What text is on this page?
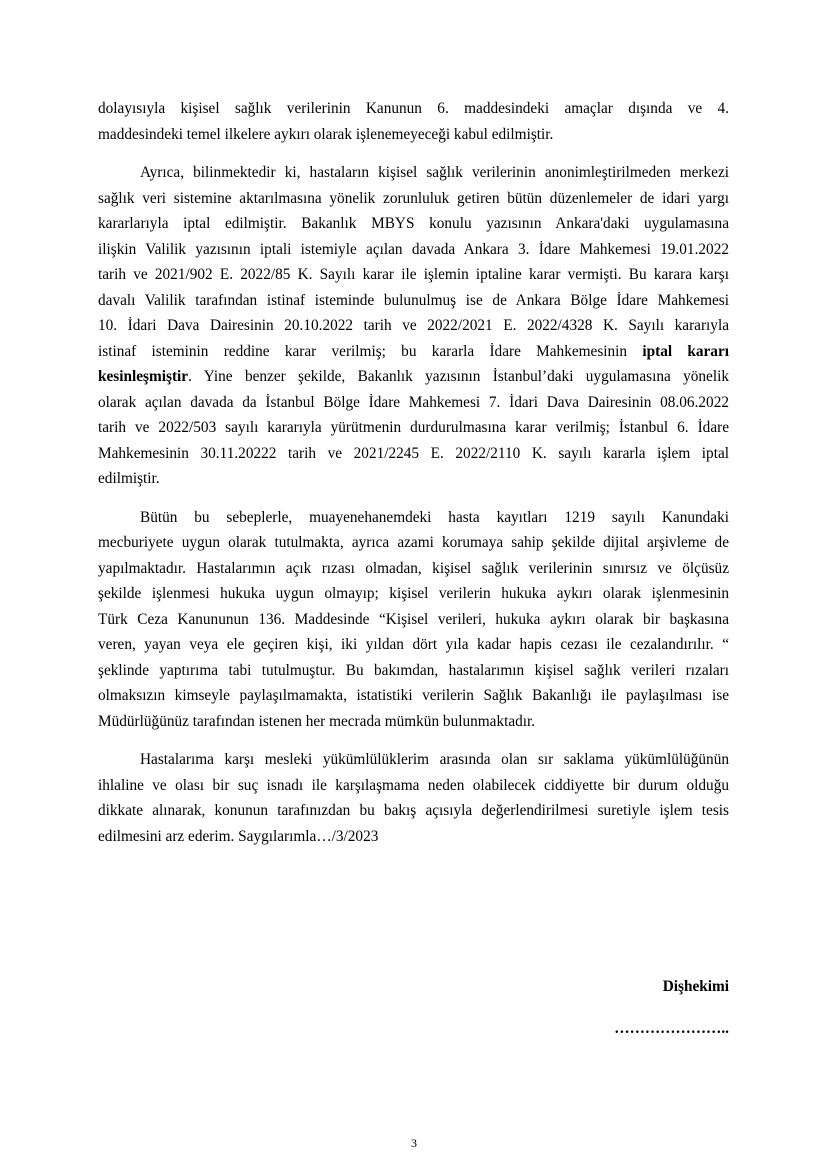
dolayısıyla kişisel sağlık verilerinin Kanunun 6. maddesindeki amaçlar dışında ve 4.
maddesindeki temel ilkelere aykırı olarak işlenemeyeceği kabul edilmiştir.
Ayrıca, bilinmektedir ki, hastaların kişisel sağlık verilerinin anonimleştirilmeden merkezi
sağlık veri sistemine aktarılmasına yönelik zorunluluk getiren bütün düzenlemeler de idari yargı
kararlarıyla iptal edilmiştir. Bakanlık MBYS konulu yazısının Ankara'daki uygulamasına
ilişkin Valilik yazısının iptali istemiyle açılan davada Ankara 3. İdare Mahkemesi 19.01.2022
tarih ve 2021/902 E. 2022/85 K. Sayılı karar ile işlemin iptaline karar vermişti. Bu karara karşı
davalı Valilik tarafından istinaf isteminde bulunulmuş ise de Ankara Bölge İdare Mahkemesi
10. İdari Dava Dairesinin 20.10.2022 tarih ve 2022/2021 E. 2022/4328 K. Sayılı kararıyla
istinaf isteminin reddine karar verilmiş; bu kararla İdare Mahkemesinin iptal kararı
kesinleşmiştir. Yine benzer şekilde, Bakanlık yazısının İstanbul’daki uygulamasına yönelik
olarak açılan davada da İstanbul Bölge İdare Mahkemesi 7. İdari Dava Dairesinin 08.06.2022
tarih ve 2022/503 sayılı kararıyla yürütmenin durdurulmasına karar verilmiş; İstanbul 6. İdare
Mahkemesinin 30.11.20222 tarih ve 2021/2245 E. 2022/2110 K. sayılı kararla işlem iptal
edilmiştir.
Bütün bu sebeplerle, muayenehanemdeki hasta kayıtları 1219 sayılı Kanundaki
mecburiyete uygun olarak tutulmakta, ayrıca azami korumaya sahip şekilde dijital arşivleme de
yapılmaktadır. Hastalarımın açık rızası olmadan, kişisel sağlık verilerinin sınırsız ve ölçüsüz
şekilde işlenmesi hukuka uygun olmayıp; kişisel verilerin hukuka aykırı olarak işlenmesinin
Türk Ceza Kanununun 136. Maddesinde “Kişisel verileri, hukuka aykırı olarak bir başkasına
veren, yayan veya ele geçiren kişi, iki yıldan dört yıla kadar hapis cezası ile cezalandırılır. “
şeklinde yaptırıma tabi tutulmuştur. Bu bakımdan, hastalarımın kişisel sağlık verileri rızaları
olmaksızın kimseyle paylaşılmamakta, istatistiki verilerin Sağlık Bakanlığı ile paylaşılması ise
Müdürlüğünüz tarafından istenen her mecrada mümkün bulunmaktadır.
Hastalarıma karşı mesleki yükümlülüklerim arasında olan sır saklama yükümlülüğünün
ihlaline ve olası bir suç isnadı ile karşılaşmama neden olabilecek ciddiyette bir durum olduğu
dikkate alınarak, konunun tarafınızdan bu bakış açısıyla değerlendirilmesi suretiyle işlem tesis
edilmesini arz ederim. Saygılarımla…/3/2023
Dişhekimi
…………………..
3
